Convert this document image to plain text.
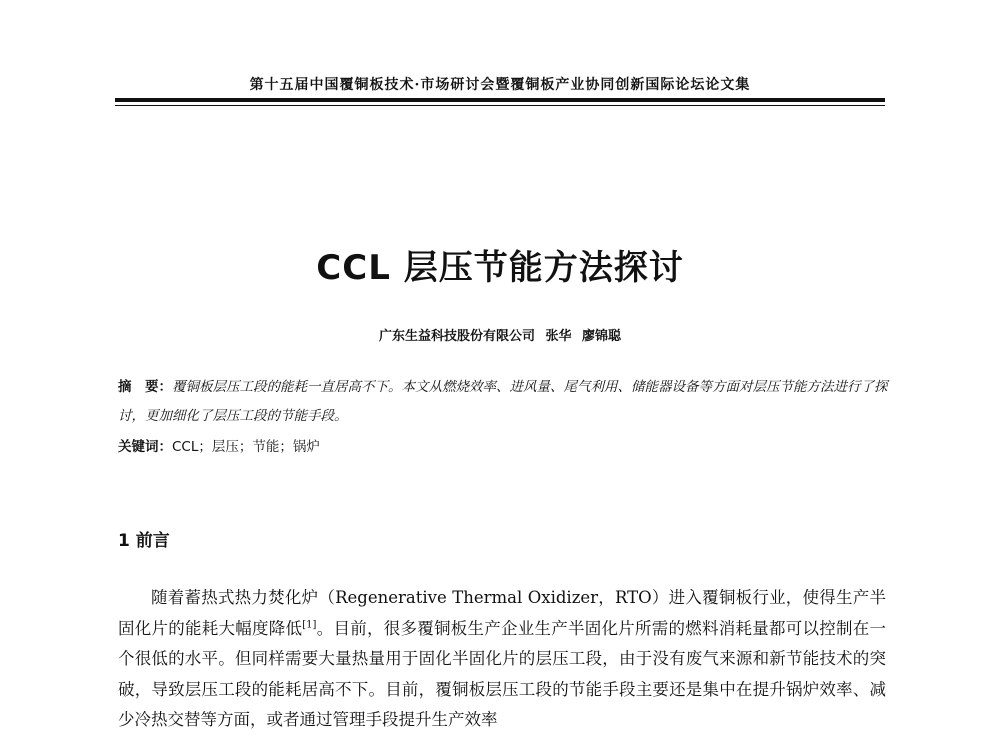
第十五届中国覆铜板技术·市场研讨会暨覆铜板产业协同创新国际论坛论文集
CCL 层压节能方法探讨
广东生益科技股份有限公司 张华 廖锦聪
摘　要：覆铜板层压工段的能耗一直居高不下。本文从燃烧效率、进风量、尾气利用、储能器设备等方面对层压节能方法进行了探讨，更加细化了层压工段的节能手段。
关键词：CCL；层压；节能；锅炉
1 前言
随着蓄热式热力焚化炉（Regenerative Thermal Oxidizer，RTO）进入覆铜板行业，使得生产半固化片的能耗大幅度降低[1]。目前，很多覆铜板生产企业生产半固化片所需的燃料消耗量都可以控制在一个很低的水平。但同样需要大量热量用于固化半固化片的层压工段，由于没有废气来源和新节能技术的突破，导致层压工段的能耗居高不下。目前，覆铜板层压工段的节能手段主要还是集中在提升锅炉效率、减少冷热交替等方面，或者通过管理手段提升生产效率
